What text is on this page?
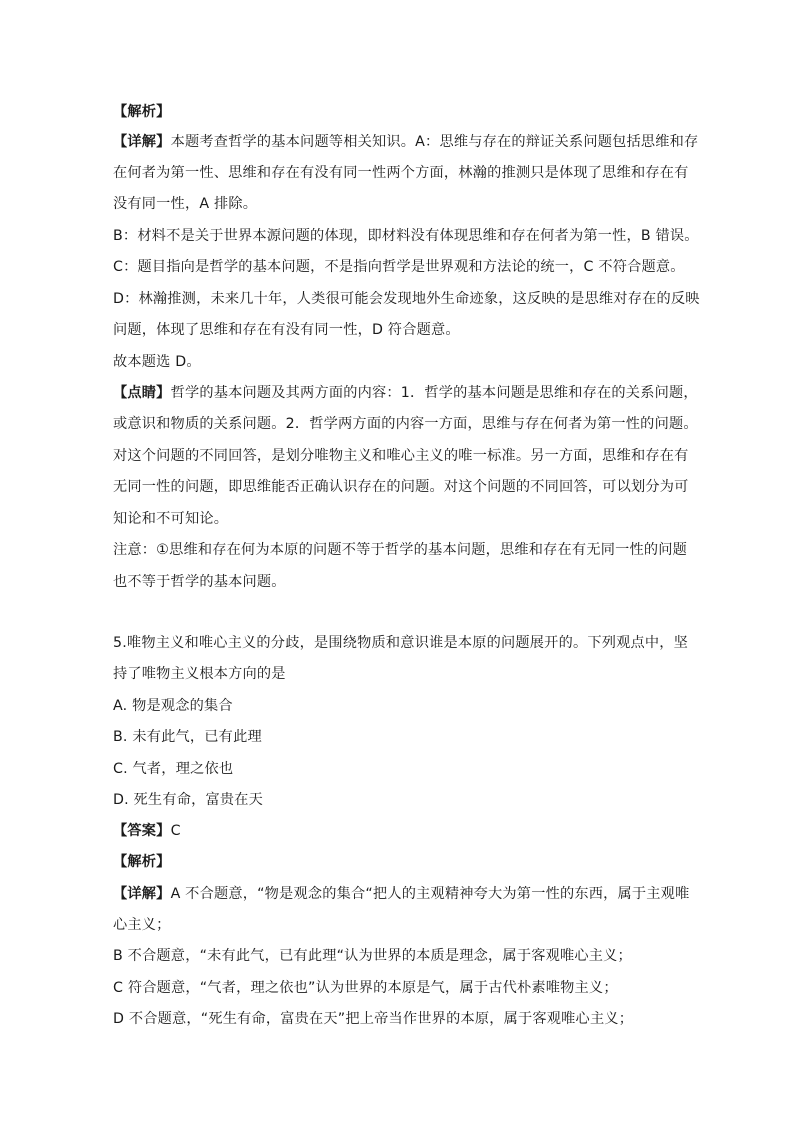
【解析】
【详解】本题考查哲学的基本问题等相关知识。A：思维与存在的辩证关系问题包括思维和存
在何者为第一性、思维和存在有没有同一性两个方面，林瀚的推测只是体现了思维和存在有
没有同一性，A 排除。
B：材料不是关于世界本源问题的体现，即材料没有体现思维和存在何者为第一性，B 错误。
C：题目指向是哲学的基本问题，不是指向哲学是世界观和方法论的统一，C 不符合题意。
D：林瀚推测，未来几十年，人类很可能会发现地外生命迹象，这反映的是思维对存在的反映
问题，体现了思维和存在有没有同一性，D 符合题意。
故本题选 D。
【点睛】哲学的基本问题及其两方面的内容：1．哲学的基本问题是思维和存在的关系问题，
或意识和物质的关系问题。2．哲学两方面的内容一方面，思维与存在何者为第一性的问题。
对这个问题的不同回答，是划分唯物主义和唯心主义的唯一标准。另一方面，思维和存在有
无同一性的问题，即思维能否正确认识存在的问题。对这个问题的不同回答，可以划分为可
知论和不可知论。
注意：①思维和存在何为本原的问题不等于哲学的基本问题，思维和存在有无同一性的问题
也不等于哲学的基本问题。
5.唯物主义和唯心主义的分歧，是围绕物质和意识谁是本原的问题展开的。下列观点中，坚
持了唯物主义根本方向的是
A. 物是观念的集合
B. 未有此气，已有此理
C. 气者，理之依也
D. 死生有命，富贵在天
【答案】C
【解析】
【详解】A 不合题意，“物是观念的集合“把人的主观精神夸大为第一性的东西，属于主观唯
心主义；
B 不合题意，“未有此气，已有此理“认为世界的本质是理念，属于客观唯心主义；
C 符合题意，“气者，理之依也”认为世界的本原是气，属于古代朴素唯物主义；
D 不合题意，“死生有命，富贵在天”把上帝当作世界的本原，属于客观唯心主义；
